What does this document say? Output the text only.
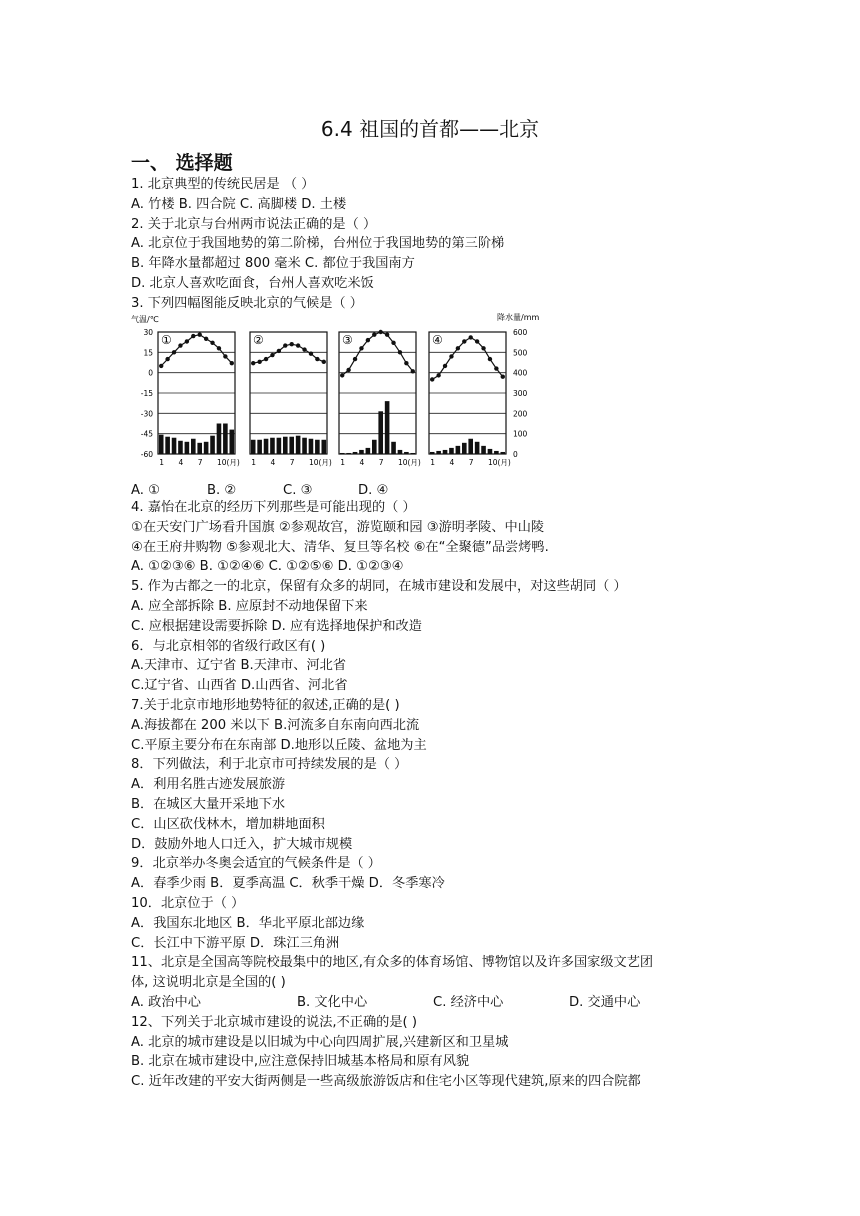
6.4 祖国的首都——北京
一、 选择题
1. 北京典型的传统民居是 （ ）
A. 竹楼 B. 四合院 C. 高脚楼 D. 土楼
2. 关于北京与台州两市说法正确的是（ ）
A. 北京位于我国地势的第二阶梯，台州位于我国地势的第三阶梯
B. 年降水量都超过 800 毫米 C. 都位于我国南方
D. 北京人喜欢吃面食，台州人喜欢吃米饭
3. 下列四幅图能反映北京的气候是（ ）
气温/℃	降水量/mm
30
15
0
-15
-30
-45
-60
600
500
400
300
200
100
0
①
1 4 7 10(月)
②
1 4 7 10(月)
③
1 4 7 10(月)
④
1 4 7 10(月)
A. ①	B. ②	C. ③	D. ④
4. 嘉怡在北京的经历下列那些是可能出现的（ ）
①在天安门广场看升国旗 ②参观故宫，游览颐和园 ③游明孝陵、中山陵
④在王府井购物 ⑤参观北大、清华、复旦等名校 ⑥在“全聚德”品尝烤鸭.
A. ①②③⑥ B. ①②④⑥ C. ①②⑤⑥ D. ①②③④
5. 作为古都之一的北京，保留有众多的胡同，在城市建设和发展中，对这些胡同（ ）
A. 应全部拆除 B. 应原封不动地保留下来
C. 应根据建设需要拆除 D. 应有选择地保护和改造
6．与北京相邻的省级行政区有( )
A.天津市、辽宁省 B.天津市、河北省
C.辽宁省、山西省 D.山西省、河北省
7.关于北京市地形地势特征的叙述,正确的是( )
A.海拔都在 200 米以下 B.河流多自东南向西北流
C.平原主要分布在东南部 D.地形以丘陵、盆地为主
8．下列做法，利于北京市可持续发展的是（ ）
A．利用名胜古迹发展旅游
B．在城区大量开采地下水
C．山区砍伐林木，增加耕地面积
D．鼓励外地人口迁入，扩大城市规模
9．北京举办冬奥会适宜的气候条件是（ ）
A．春季少雨 B．夏季高温 C．秋季干燥 D．冬季寒冷
10．北京位于（ ）
A．我国东北地区 B．华北平原北部边缘
C．长江中下游平原 D．珠江三角洲
11、北京是全国高等院校最集中的地区,有众多的体育场馆、博物馆以及许多国家级文艺团
体, 这说明北京是全国的( )
A. 政治中心	B. 文化中心	C. 经济中心	D. 交通中心
12、下列关于北京城市建设的说法,不正确的是( )
A. 北京的城市建设是以旧城为中心向四周扩展,兴建新区和卫星城
B. 北京在城市建设中,应注意保持旧城基本格局和原有风貌
C. 近年改建的平安大街两侧是一些高级旅游饭店和住宅小区等现代建筑,原来的四合院都
